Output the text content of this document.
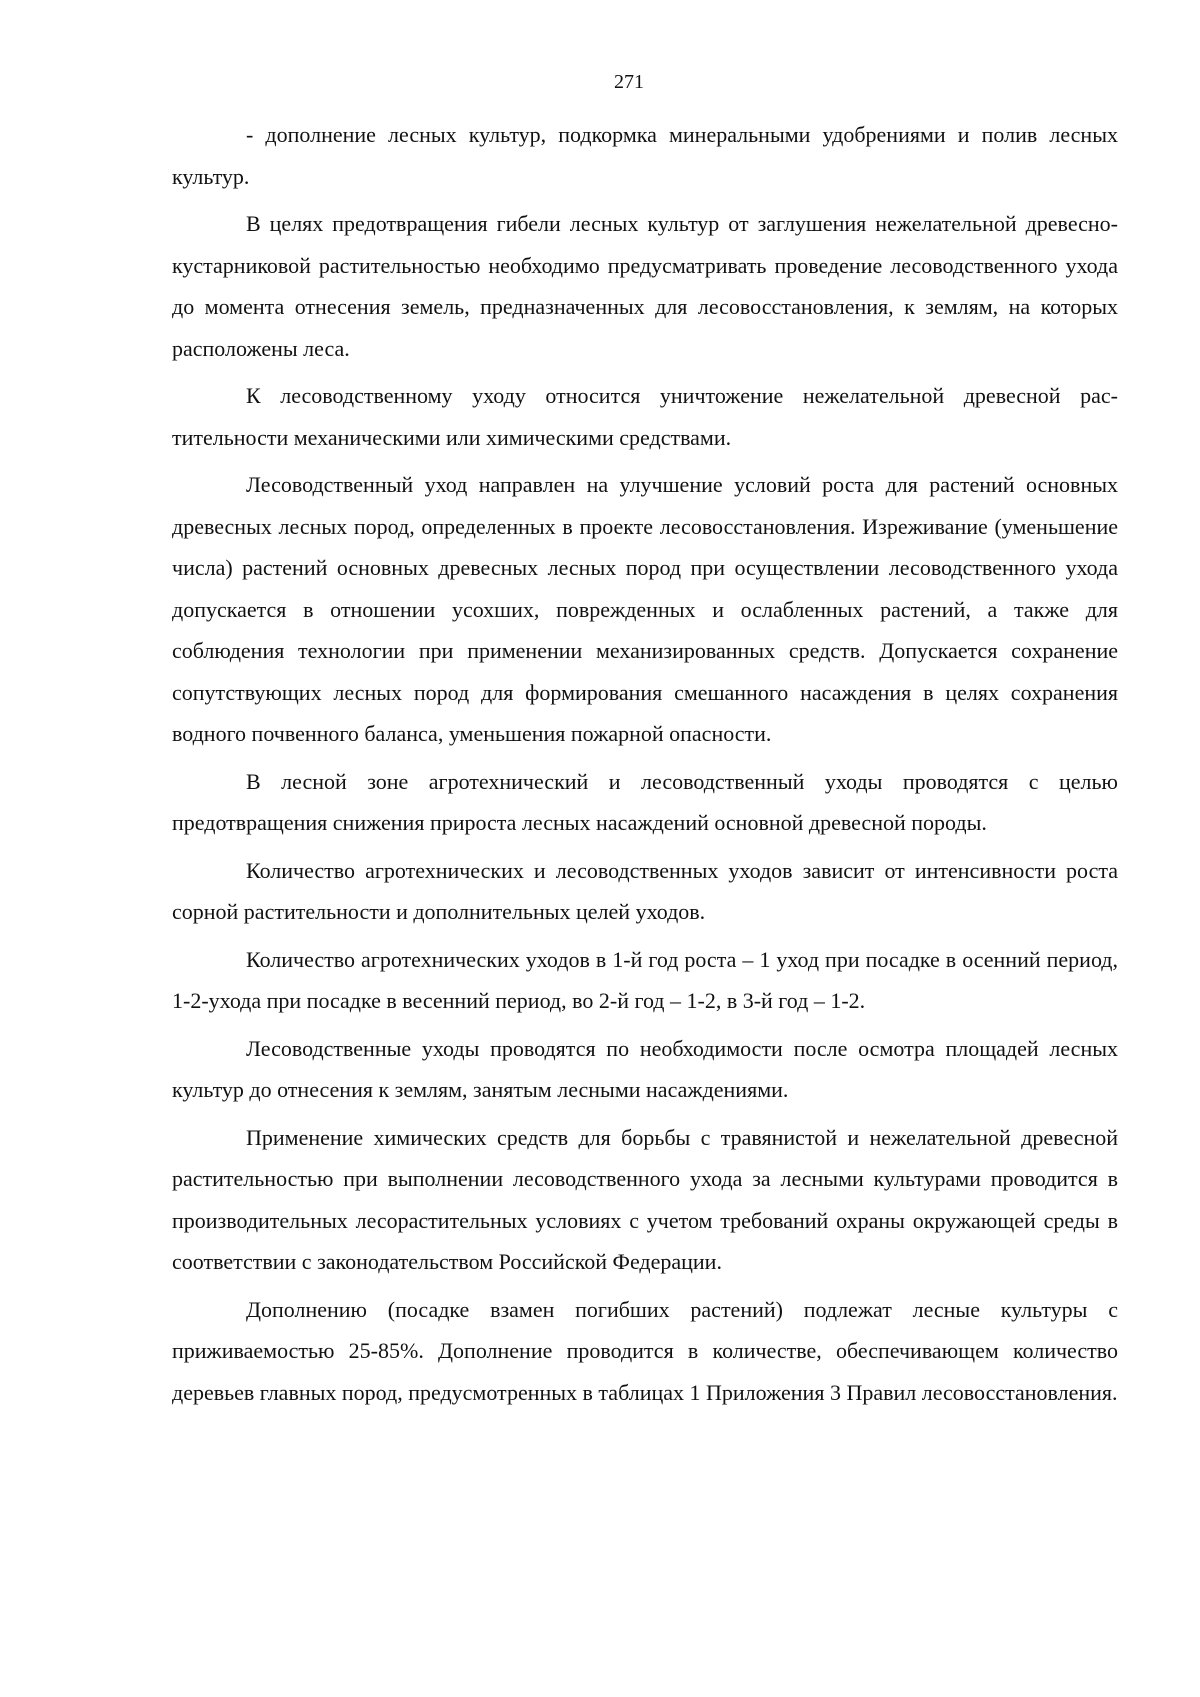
271

- дополнение лесных культур, подкормка минеральными удобрениями и полив лесных культур.

В целях предотвращения гибели лесных культур от заглушения нежелательной древесно-кустарниковой растительностью необходимо предусматривать проведение лесоводственного ухода до момента отнесения земель, предназначенных для лесовосстановления, к землям, на которых расположены леса.

К лесоводственному уходу относится уничтожение нежелательной древесной растительности механическими или химическими средствами.

Лесоводственный уход направлен на улучшение условий роста для растений основных древесных лесных пород, определенных в проекте лесовосстановления. Изреживание (уменьшение числа) растений основных древесных лесных пород при осуществлении лесоводственного ухода допускается в отношении усохших, поврежденных и ослабленных растений, а также для соблюдения технологии при применении механизированных средств. Допускается сохранение сопутствующих лесных пород для формирования смешанного насаждения в целях сохранения водного почвенного баланса, уменьшения пожарной опасности.

В лесной зоне агротехнический и лесоводственный уходы проводятся с целью предотвращения снижения прироста лесных насаждений основной древесной породы.

Количество агротехнических и лесоводственных уходов зависит от интенсивности роста сорной растительности и дополнительных целей уходов.

Количество агротехнических уходов в 1-й год роста – 1 уход при посадке в осенний период, 1-2-ухода при посадке в весенний период, во 2-й год – 1-2, в 3-й год – 1-2.

Лесоводственные уходы проводятся по необходимости после осмотра площадей лесных культур до отнесения к землям, занятым лесными насаждениями.

Применение химических средств для борьбы с травянистой и нежелательной древесной растительностью при выполнении лесоводственного ухода за лесными культурами проводится в производительных лесорастительных условиях с учетом требований охраны окружающей среды в соответствии с законодательством Российской Федерации.

Дополнению (посадке взамен погибших растений) подлежат лесные культуры с приживаемостью 25-85%. Дополнение проводится в количестве, обеспечивающем количество деревьев главных пород, предусмотренных в таблицах 1 Приложения 3 Правил лесовосстановления.
